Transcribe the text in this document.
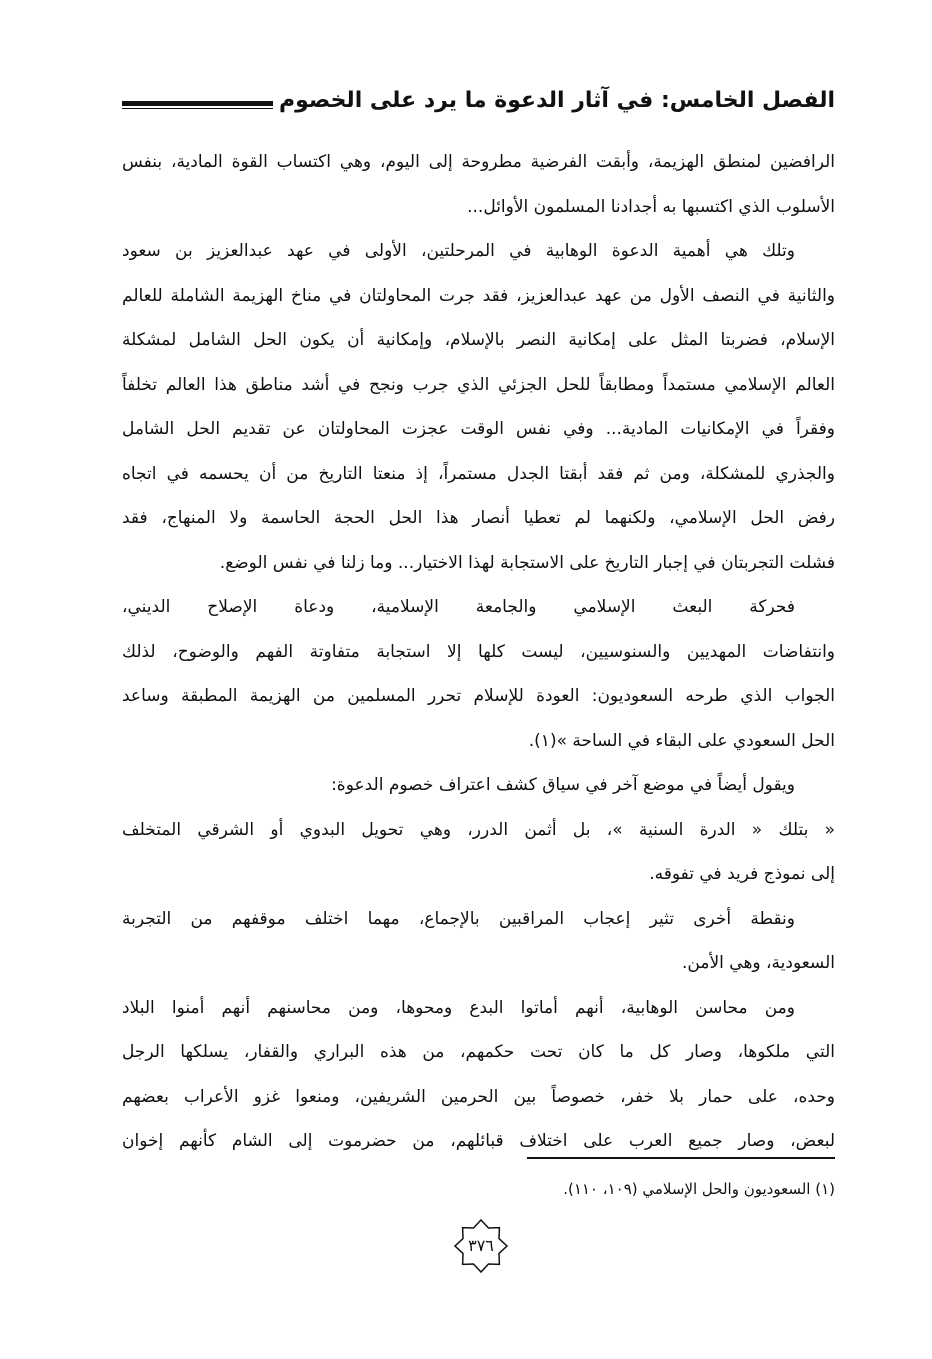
الفصل الخامس: في آثار الدعوة ما يرد على الخصوم
الرافضين لمنطق الهزيمة، وأبقت الفرضية مطروحة إلى اليوم، وهي اكتساب القوة المادية، بنفس
الأسلوب الذي اكتسبها به أجدادنا المسلمون الأوائل...
وتلك هي أهمية الدعوة الوهابية في المرحلتين، الأولى في عهد عبدالعزيز بن سعود
والثانية في النصف الأول من عهد عبدالعزيز، فقد جرت المحاولتان في مناخ الهزيمة الشاملة للعالم
الإسلام، فضربتا المثل على إمكانية النصر بالإسلام، وإمكانية أن يكون الحل الشامل لمشكلة
العالم الإسلامي مستمداً ومطابقاً للحل الجزئي الذي جرب ونجح في أشد مناطق هذا العالم تخلفاً
وفقراً في الإمكانيات المادية... وفي نفس الوقت عجزت المحاولتان عن تقديم الحل الشامل
والجذري للمشكلة، ومن ثم فقد أبقتا الجدل مستمراً، إذ منعتا التاريخ من أن يحسمه في اتجاه
رفض الحل الإسلامي، ولكنهما لم تعطيا أنصار هذا الحل الحجة الحاسمة ولا المنهاج، فقد
فشلت التجربتان في إجبار التاريخ على الاستجابة لهذا الاختيار... وما زلنا في نفس الوضع.
فحركة البعث الإسلامي والجامعة الإسلامية، ودعاة الإصلاح الديني،
وانتفاضات المهديين والسنوسيين، ليست كلها إلا استجابة متفاوتة الفهم والوضوح، لذلك
الجواب الذي طرحه السعوديون: العودة للإسلام تحرر المسلمين من الهزيمة المطبقة وساعد
الحل السعودي على البقاء في الساحة »(١).
ويقول أيضاً في موضع آخر في سياق كشف اعتراف خصوم الدعوة:
« بتلك « الدرة السنية »، بل أثمن الدرر، وهي تحويل البدوي أو الشرقي المتخلف
إلى نموذج فريد في تفوقه.
ونقطة أخرى تثير إعجاب المراقبين بالإجماع، مهما اختلف موقفهم من التجربة
السعودية، وهي الأمن.
ومن محاسن الوهابية، أنهم أماتوا البدع ومحوها، ومن محاسنهم أنهم أمنوا البلاد
التي ملكوها، وصار كل ما كان تحت حكمهم، من هذه البراري والقفار، يسلكها الرجل
وحده، على حمار بلا خفر، خصوصاً بين الحرمين الشريفين، ومنعوا غزو الأعراب بعضهم
لبعض، وصار جميع العرب على اختلاف قبائلهم، من حضرموت إلى الشام كأنهم إخوان
(١) السعوديون والحل الإسلامي (١٠٩، ١١٠).
٣٧٦
